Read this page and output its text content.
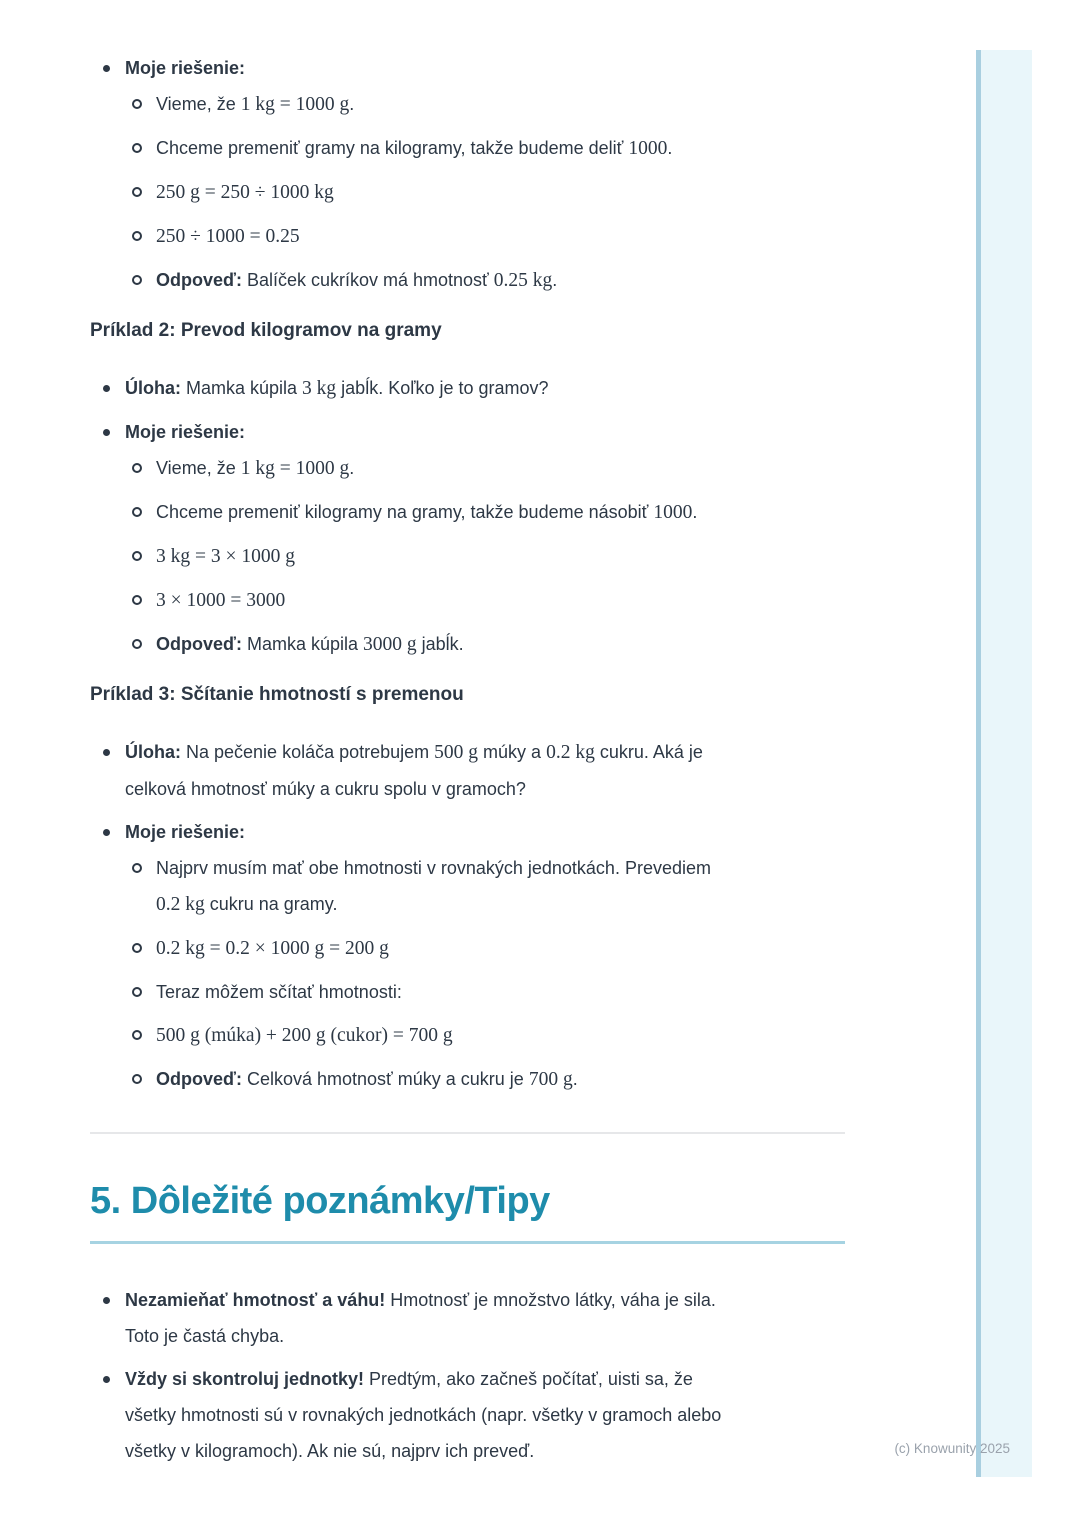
Moje riešenie:
Vieme, že 1 kg = 1000 g.
Chceme premeniť gramy na kilogramy, takže budeme deliť 1000.
250 g = 250 ÷ 1000 kg
250 ÷ 1000 = 0.25
Odpoveď: Balíček cukríkov má hmotnosť 0.25 kg.
Príklad 2: Prevod kilogramov na gramy
Úloha: Mamka kúpila 3 kg jabĺk. Koľko je to gramov?
Moje riešenie:
Vieme, že 1 kg = 1000 g.
Chceme premeniť kilogramy na gramy, takže budeme násobiť 1000.
3 kg = 3 × 1000 g
3 × 1000 = 3000
Odpoveď: Mamka kúpila 3000 g jabĺk.
Príklad 3: Sčítanie hmotností s premenou
Úloha: Na pečenie koláča potrebujem 500 g múky a 0.2 kg cukru. Aká je
celková hmotnosť múky a cukru spolu v gramoch?
Moje riešenie:
Najprv musím mať obe hmotnosti v rovnakých jednotkách. Prevediem
0.2 kg cukru na gramy.
0.2 kg = 0.2 × 1000 g = 200 g
Teraz môžem sčítať hmotnosti:
500 g (múka) + 200 g (cukor) = 700 g
Odpoveď: Celková hmotnosť múky a cukru je 700 g.
5. Dôležité poznámky/Tipy
Nezamieňať hmotnosť a váhu! Hmotnosť je množstvo látky, váha je sila.
Toto je častá chyba.
Vždy si skontroluj jednotky! Predtým, ako začneš počítať, uisti sa, že
všetky hmotnosti sú v rovnakých jednotkách (napr. všetky v gramoch alebo
všetky v kilogramoch). Ak nie sú, najprv ich preveď.	(c) Knowunity 2025
